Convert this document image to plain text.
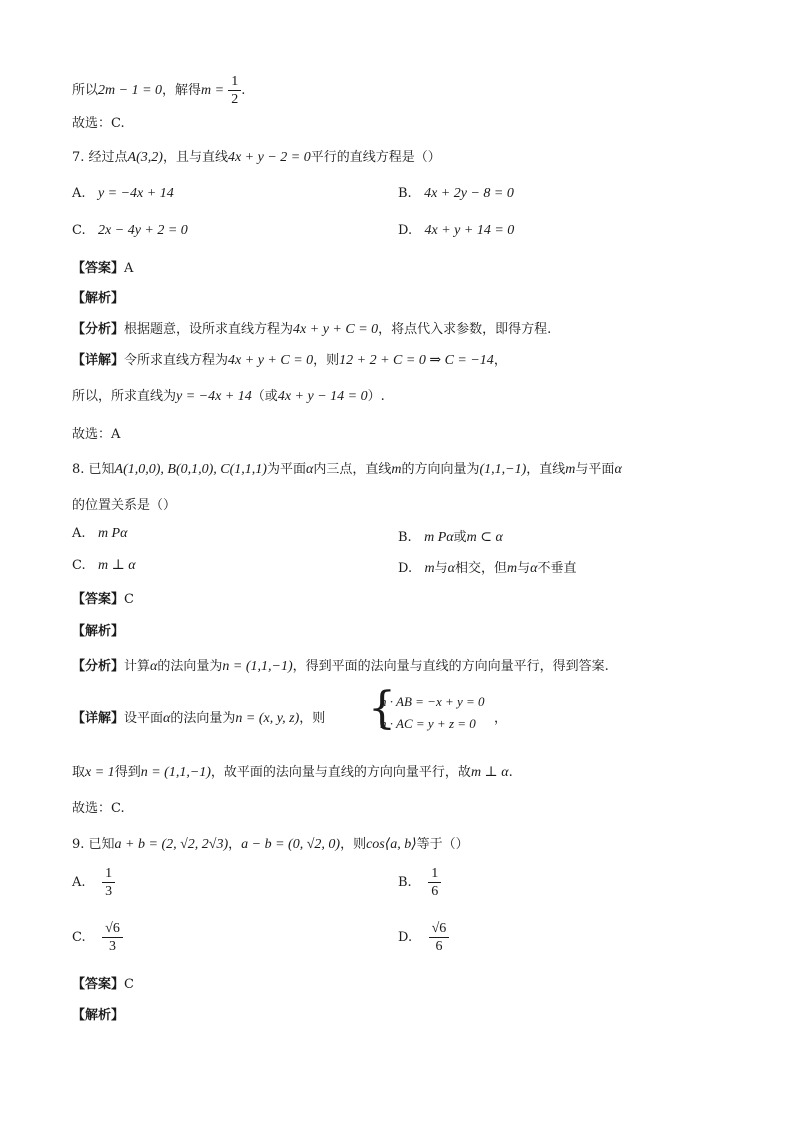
所以2m − 1 = 0，解得$m = \frac{1}{2}$ .
故选：C.
7. 经过点A(3,2)，且与直线4x + y − 2 = 0平行的直线方程是（）
A. y = −4x + 14	B. 4x + 2y − 8 = 0
C. 2x − 4y + 2 = 0	D. 4x + y + 14 = 0
【答案】A
【解析】
【分析】根据题意，设所求直线方程为4x + y + C = 0，将点代入求参数，即得方程.
【详解】令所求直线方程为4x + y + C = 0，则12 + 2 + C = 0 ⇒ C = −14，
所以，所求直线为y = −4x + 14（或4x + y − 14 = 0）.
故选：A
8. 已知A(1,0,0), B(0,1,0), C(1,1,1)为平面α内三点，直线m的方向向量为(1,1,−1)，直线m与平面α
的位置关系是（）
A. m Pα	B. m Pα或m ⊂ α
C. m ⊥ α	D. m与α相交，但m与α不垂直
【答案】C
【解析】
【分析】计算α的法向量为n = (1,1,−1)，得到平面的法向量与直线的方向向量平行，得到答案.
【详解】设平面α的法向量为n = (x, y, z)，则 {
n · AB = −x + y = 0
n · AC = y + z = 0 ，
取x = 1得到n = (1,1,−1)，故平面的法向量与直线的方向向量平行，故m ⊥ α.
故选：C.
9. 已知a + b = (2, √2, 2√3)，a − b = (0, √2, 0)，则cos⟨a, b⟩等于（）
A. $\frac{1}{3}$	B. $\frac{1}{6}$
C. $\frac{√6}{3}$	D. $\frac{√6}{6}$
【答案】C
【解析】
